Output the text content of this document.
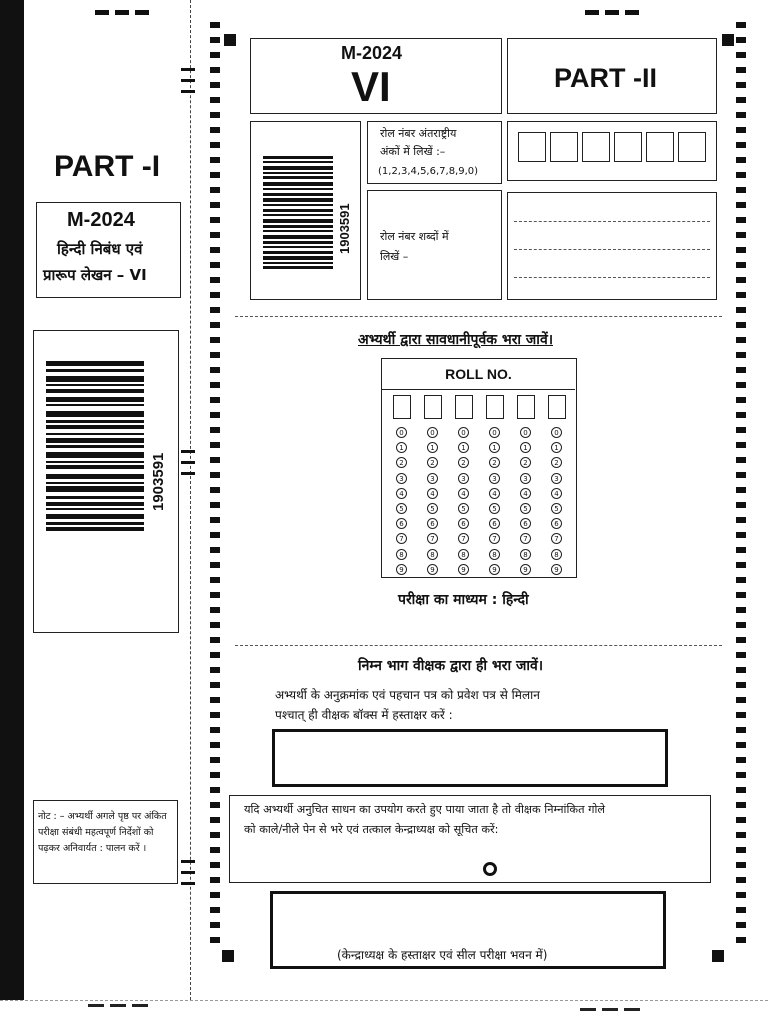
PART -I
M-2024
हिन्दी निबंध एवं
प्रारूप लेखन – VI
1903591
नोट : – अभ्यर्थी अगले पृष्ठ पर अंकित परीक्षा संबंधी महत्वपूर्ण निर्देशों को पढ़कर अनिवार्यत : पालन करें ।
M-2024
VI	PART -II
1903591
रोल नंबर अंतराष्ट्रीय
अंकों में लिखें :–
(1,2,3,4,5,6,7,8,9,0)
रोल नंबर शब्दों में
लिखें –
अभ्यर्थी द्वारा सावधानीपूर्वक भरा जावें।
ROLL NO.
0
1
2
3
4
5
6
7
8
9
0
1
2
3
4
5
6
7
8
9
0
1
2
3
4
5
6
7
8
9
0
1
2
3
4
5
6
7
8
9
0
1
2
3
4
5
6
7
8
9
0
1
2
3
4
5
6
7
8
9
परीक्षा का माध्यम : हिन्दी
निम्न भाग वीक्षक द्वारा ही भरा जावें।
अभ्यर्थी के अनुक्रमांक एवं पहचान पत्र को प्रवेश पत्र से मिलान
पश्चात् ही वीक्षक बॉक्स में हस्ताक्षर करें :
यदि अभ्यर्थी अनुचित साधन का उपयोग करते हुए पाया जाता है तो वीक्षक निम्नांकित गोले
को काले/नीले पेन से भरे एवं तत्काल केन्द्राध्यक्ष को सूचित करें:
(केन्द्राध्यक्ष के हस्ताक्षर एवं सील परीक्षा भवन में)
